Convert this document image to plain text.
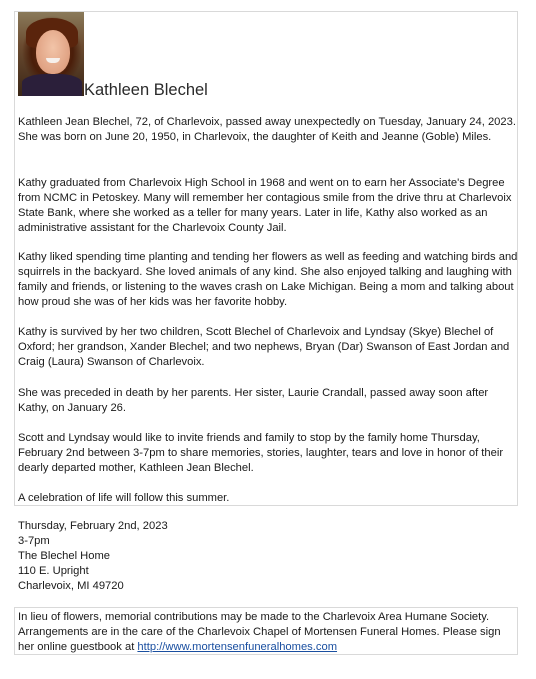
Kathleen Blechel

Kathleen Jean Blechel, 72, of Charlevoix, passed away unexpectedly on Tuesday, January 24, 2023. She was born on June 20, 1950, in Charlevoix, the daughter of Keith and Jeanne (Goble) Miles.

Kathy graduated from Charlevoix High School in 1968 and went on to earn her Associate's Degree from NCMC in Petoskey. Many will remember her contagious smile from the drive thru at Charlevoix State Bank, where she worked as a teller for many years. Later in life, Kathy also worked as an administrative assistant for the Charlevoix County Jail.

Kathy liked spending time planting and tending her flowers as well as feeding and watching birds and squirrels in the backyard. She loved animals of any kind. She also enjoyed talking and laughing with family and friends, or listening to the waves crash on Lake Michigan. Being a mom and talking about how proud she was of her kids was her favorite hobby.

Kathy is survived by her two children, Scott Blechel of Charlevoix and Lyndsay (Skye) Blechel of Oxford; her grandson, Xander Blechel; and two nephews, Bryan (Dar) Swanson of East Jordan and Craig (Laura) Swanson of Charlevoix.

She was preceded in death by her parents. Her sister, Laurie Crandall, passed away soon after Kathy, on January 26.

Scott and Lyndsay would like to invite friends and family to stop by the family home Thursday, February 2nd between 3-7pm to share memories, stories, laughter, tears and love in honor of their dearly departed mother, Kathleen Jean Blechel.

A celebration of life will follow this summer.

Thursday, February 2nd, 2023
3-7pm
The Blechel Home
110 E. Upright
Charlevoix, MI 49720

In lieu of flowers, memorial contributions may be made to the Charlevoix Area Humane Society. Arrangements are in the care of the Charlevoix Chapel of Mortensen Funeral Homes. Please sign her online guestbook at http://www.mortensenfuneralhomes.com
